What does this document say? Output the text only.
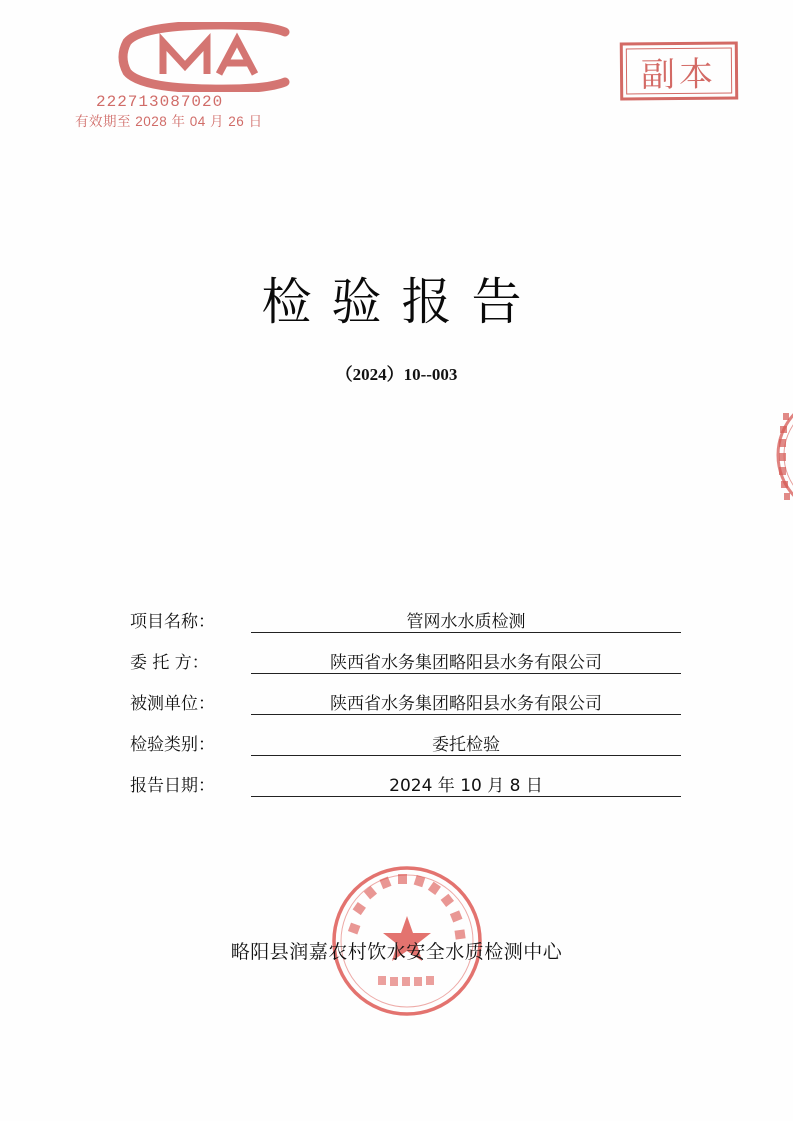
222713087020
有效期至 2028 年 04 月 26 日
副本
检验报告
（2024）10--003
项目名称：	管网水水质检测
委 托 方：	陕西省水务集团略阳县水务有限公司
被测单位：	陕西省水务集团略阳县水务有限公司
检验类别：	委托检验
报告日期：	2024 年 10 月 8 日
略阳县润嘉农村饮水安全水质检测中心
